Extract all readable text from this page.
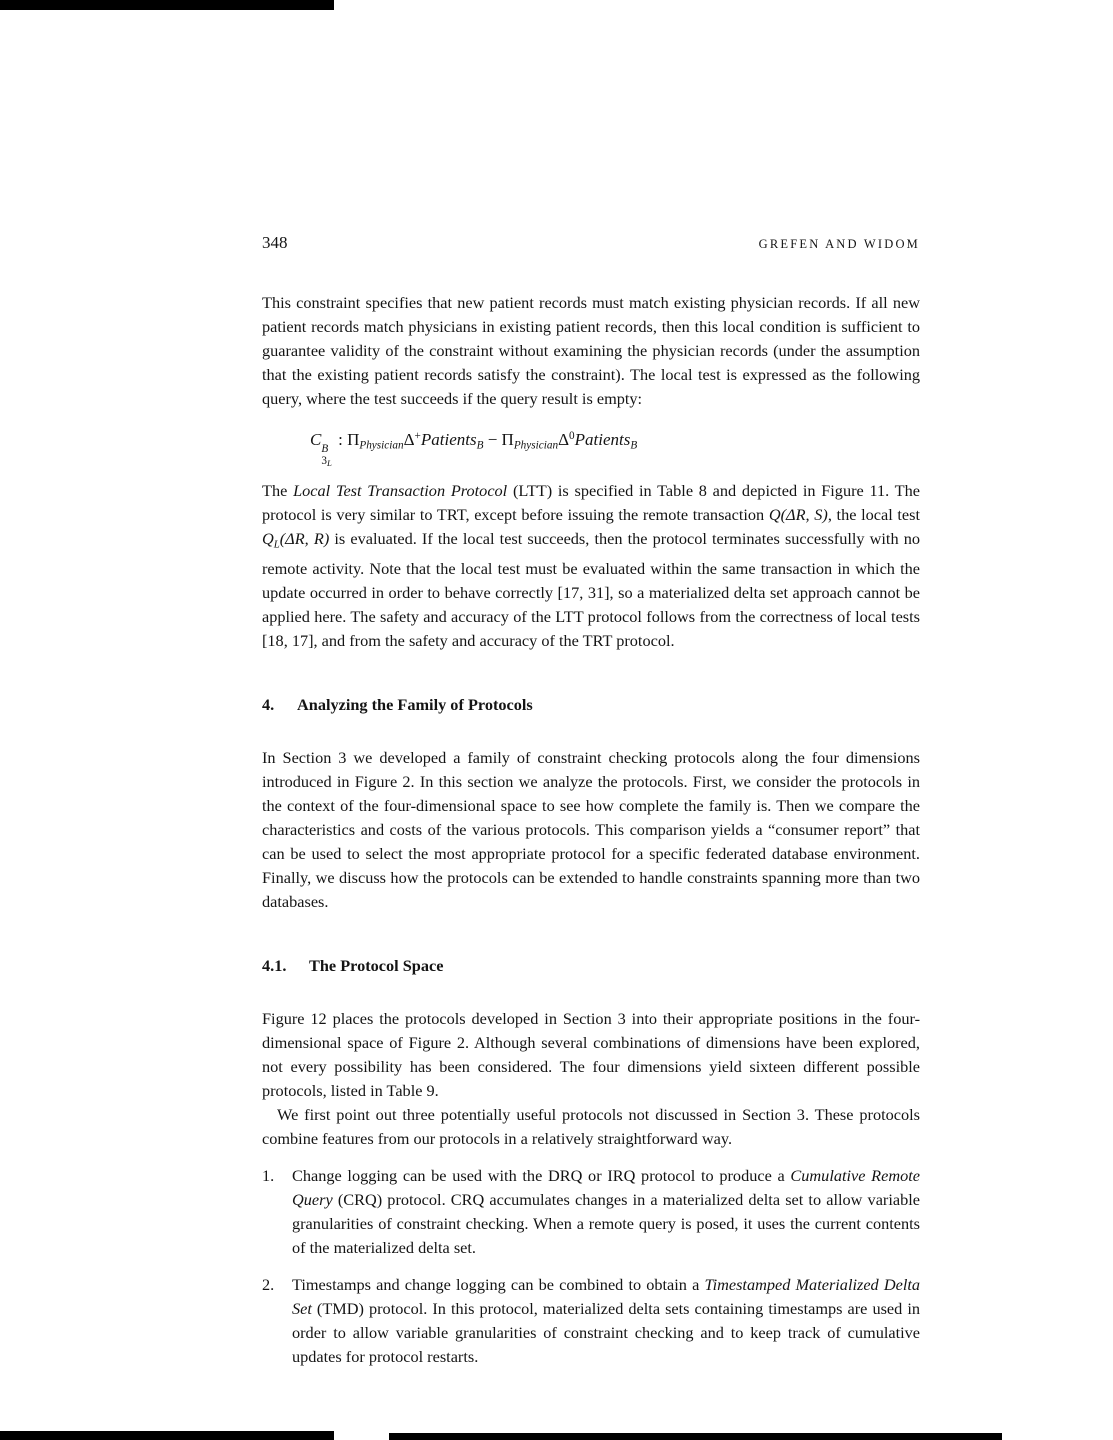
348	GREFEN AND WIDOM

This constraint specifies that new patient records must match existing physician records. If all new patient records match physicians in existing patient records, then this local condition is sufficient to guarantee validity of the constraint without examining the physician records (under the assumption that the existing patient records satisfy the constraint). The local test is expressed as the following query, where the test succeeds if the query result is empty:

C B
3L
: $\Pi_{Physician}\Delta^+Patients_B$ − $\Pi_{Physician}\Delta^0Patients_B$

The Local Test Transaction Protocol (LTT) is specified in Table 8 and depicted in Figure 11. The protocol is very similar to TRT, except before issuing the remote transaction Q(ΔR, S), the local test $Q_L(\Delta R$, R) is evaluated. If the local test succeeds, then the protocol terminates successfully with no remote activity. Note that the local test must be evaluated within the same transaction in which the update occurred in order to behave correctly [17, 31], so a materialized delta set approach cannot be applied here. The safety and accuracy of the LTT protocol follows from the correctness of local tests [18, 17], and from the safety and accuracy of the TRT protocol.

4.	Analyzing the Family of Protocols

In Section 3 we developed a family of constraint checking protocols along the four dimensions introduced in Figure 2. In this section we analyze the protocols. First, we consider the protocols in the context of the four-dimensional space to see how complete the family is. Then we compare the characteristics and costs of the various protocols. This comparison yields a “consumer report” that can be used to select the most appropriate protocol for a specific federated database environment. Finally, we discuss how the protocols can be extended to handle constraints spanning more than two databases.

4.1.	The Protocol Space

Figure 12 places the protocols developed in Section 3 into their appropriate positions in the four-dimensional space of Figure 2. Although several combinations of dimensions have been explored, not every possibility has been considered. The four dimensions yield sixteen different possible protocols, listed in Table 9.

We first point out three potentially useful protocols not discussed in Section 3. These protocols combine features from our protocols in a relatively straightforward way.

1.	Change logging can be used with the DRQ or IRQ protocol to produce a Cumulative Remote Query (CRQ) protocol. CRQ accumulates changes in a materialized delta set to allow variable granularities of constraint checking. When a remote query is posed, it uses the current contents of the materialized delta set.
2.	Timestamps and change logging can be combined to obtain a Timestamped Materialized Delta Set (TMD) protocol. In this protocol, materialized delta sets containing timestamps are used in order to allow variable granularities of constraint checking and to keep track of cumulative updates for protocol restarts.
